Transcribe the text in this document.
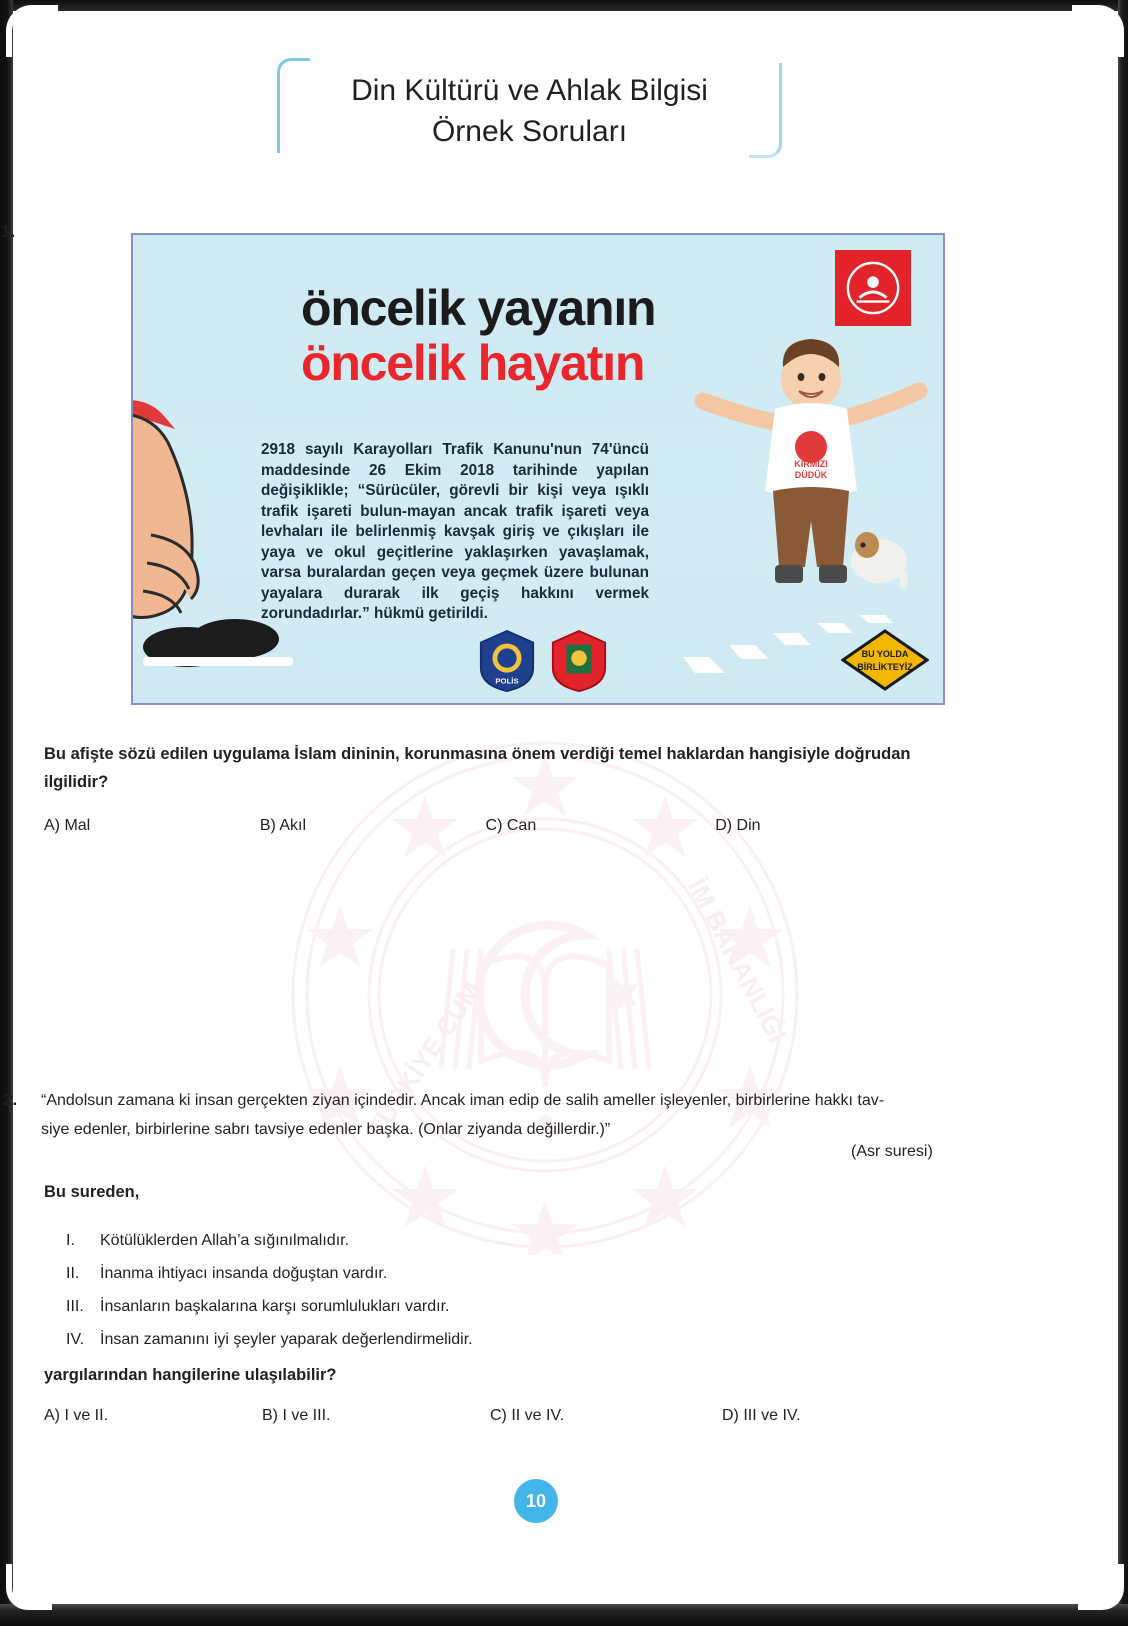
Din Kültürü ve Ahlak Bilgisi
Örnek Soruları
TÜRKİYE CUM
İM BAKANLIĞI
1.
öncelik yayanın
öncelik hayatın
2918 sayılı Karayolları Trafik Kanunu'nun 74'üncü maddesinde 26 Ekim 2018 tarihinde yapılan değişiklikle; “Sürücüler, görevli bir kişi veya ışıklı trafik işareti bulun-mayan ancak trafik işareti veya levhaları ile belirlenmiş kavşak giriş ve çıkışları ile yaya ve okul geçitlerine yaklaşırken yavaşlamak, varsa buralardan geçen veya geçmek üzere bulunan yayalara durarak ilk geçiş hakkını vermek zorundadırlar.” hükmü getirildi.
KIRMIZI
DÜDÜK
POLİS
BU YOLDA
BİRLİKTEYİZ
Bu afişte sözü edilen uygulama İslam dininin, korunmasına önem verdiği temel haklardan hangisiyle doğrudan
ilgilidir?
A) Mal	B) Akıl	C) Can	D) Din
2. “Andolsun zamana ki insan gerçekten ziyan içindedir. Ancak iman edip de salih ameller işleyenler, birbirlerine hakkı tav-
siye edenler, birbirlerine sabrı tavsiye edenler başka. (Onlar ziyanda değillerdir.)”
(Asr suresi)
Bu sureden,
I.	Kötülüklerden Allah’a sığınılmalıdır.
II.	İnanma ihtiyacı insanda doğuştan vardır.
III.	İnsanların başkalarına karşı sorumlulukları vardır.
IV. İnsan zamanını iyi şeyler yaparak değerlendirmelidir.
yargılarından hangilerine ulaşılabilir?
A) I ve II.	B) I ve III.	C) II ve IV.	D) III ve IV.
10
